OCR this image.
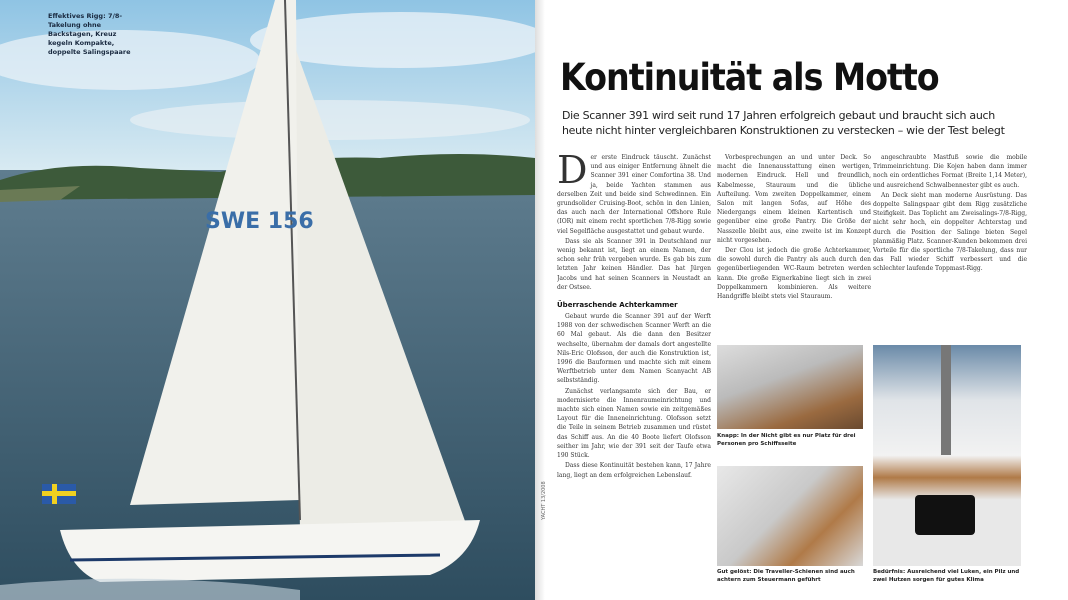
SWE 156
Effektives Rigg: 7/8-Takelung ohne Backstagen, Kreuz kegeln Kompakte, doppelte Salingspaare
YACHT 13/2008
Kontinuität als Motto
Die Scanner 391 wird seit rund 17 Jahren erfolgreich gebaut und braucht sich auch heute nicht hinter vergleichbaren Konstruktionen zu verstecken – wie der Test belegt

Der erste Eindruck täuscht. Zunächst und aus einiger Entfernung ähnelt die Scanner 391 einer Comfortina 38. Und ja, beide Yachten stammen aus derselben Zeit und beide sind Schwedinnen. Ein grundsolider Cruising-Boot, schön in den Linien, das auch nach der International Offshore Rule (IOR) mit einem recht sportlichen 7/8-Rigg sowie viel Segelfläche ausgestattet und gebaut wurde.

Dass sie als Scanner 391 in Deutschland nur wenig bekannt ist, liegt an einem Namen, der schon sehr früh vergeben wurde. Es gab bis zum letzten Jahr keinen Händler. Das hat Jürgen Jacobs und hat seinen Scanners in Neustadt an der Ostsee.

Überraschende Achterkammer

Gebaut wurde die Scanner 391 auf der Werft 1988 von der schwedischen Scanner Werft an die 60 Mal gebaut. Als die dann den Besitzer wechselte, übernahm der damals dort angestellte Nils-Eric Olofsson, der auch die Konstruktion ist, 1996 die Bauformen und machte sich mit einem Werftbetrieb unter dem Namen Scanyacht AB selbstständig.

Zunächst verlangsamte sich der Bau, er modernisierte die Innenraumeinrichtung und machte sich einen Namen sowie ein zeitgemäßes Layout für die Inneneinrichtung. Olofsson setzt die Teile in seinem Betrieb zusammen und rüstet das Schiff aus. An die 40 Boote liefert Olofsson seither im Jahr, wie der 391 seit der Taufe etwa 190 Stück.

Dass diese Kontinuität bestehen kann, 17 Jahre lang, liegt an dem erfolgreichen Lebenslauf.

Vorbesprechungen an und unter Deck. So macht die Innenausstattung einen wertigen, modernen Eindruck. Hell und freundlich, Kabelmesse, Stauraum und die übliche Aufteilung. Vom zweiten Doppelkammer, einem Salon mit langen Sofas, auf Höhe des Niedergangs einem kleinen Kartentisch und gegenüber eine große Pantry. Die Größe der Nasszelle bleibt aus, eine zweite ist im Konzept nicht vorgesehen.

Der Clou ist jedoch die große Achterkammer, die sowohl durch die Pantry als auch durch den gegenüberliegenden WC-Raum betreten werden kann. Die große Eignerkabine liegt sich in zwei Doppelkammern kombinieren. Als weitere Handgriffe bleibt stets viel Stauraum.

angeschraubte Mastfuß sowie die mobile Trimmeinrichtung. Die Kojen haben dann immer noch ein ordentliches Format (Breite 1,14 Meter), und ausreichend Schwalbennester gibt es auch.

An Deck sieht man moderne Ausrüstung. Das doppelte Salingspaar gibt dem Rigg zusätzliche Steifigkeit. Das Toplicht am Zweisalings-7/8-Rigg, nicht sehr hoch, ein doppelter Achterstag und durch die Position der Salinge bieten Segel planmäßig Platz. Scanner-Kunden bekommen drei Vorteile für die sportliche 7/8-Takelung, dass nur das Fall wieder Schiff verbessert und die schlechter laufende Toppmast-Rigg.

Knapp: In der Nicht gibt es nur Platz für drei Personen pro Schiffsseite
Gut gelöst: Die Traveller-Schienen sind auch achtern zum Steuermann geführt
Bedürfnis: Ausreichend viel Luken, ein Pilz und zwei Hutzen sorgen für gutes Klima
